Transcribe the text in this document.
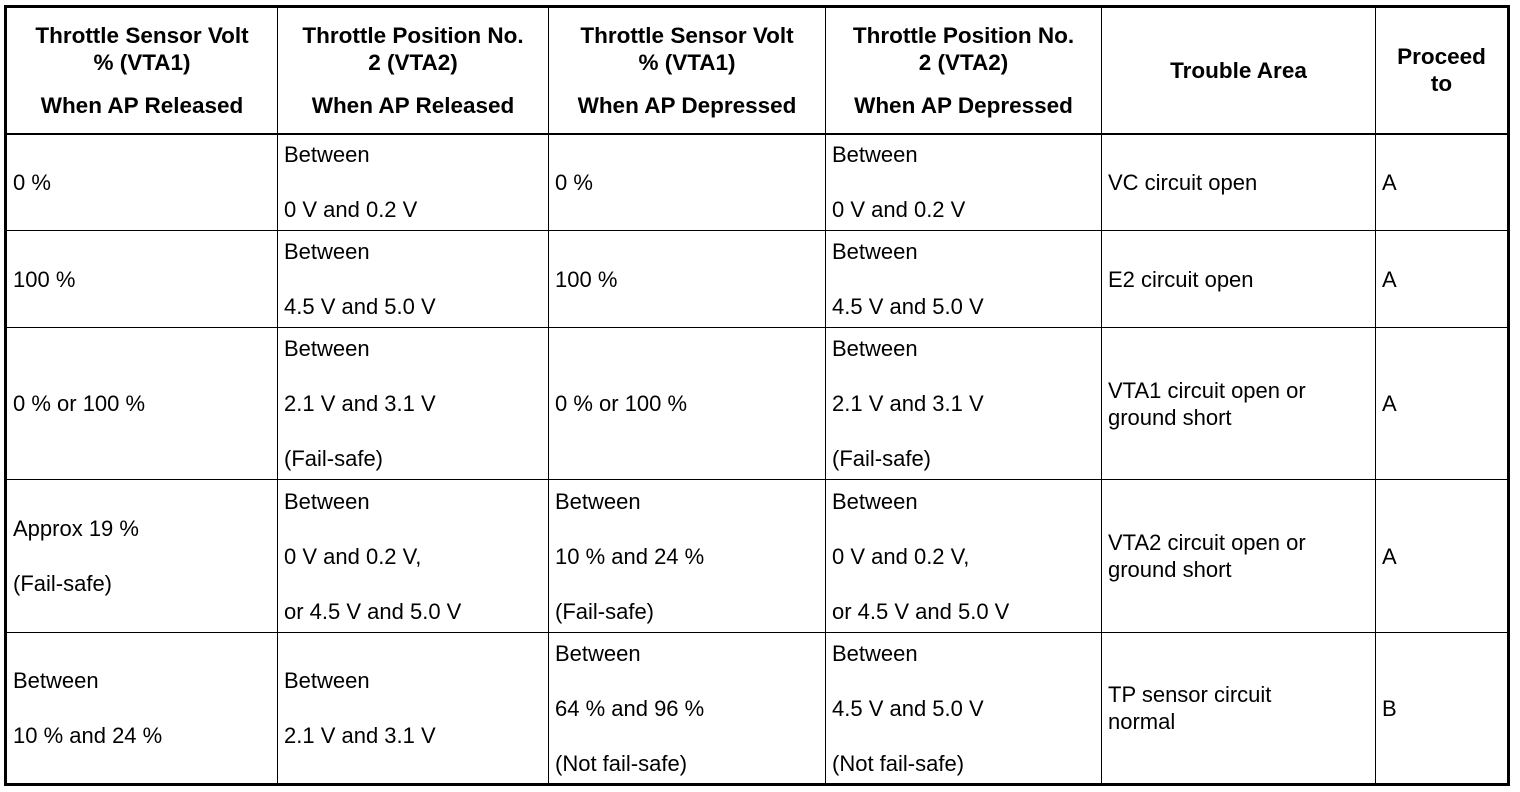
Throttle Sensor Volt
% (VTA1)
When AP Released	Throttle Position No.
2 (VTA2)
When AP Released	Throttle Sensor Volt
% (VTA1)
When AP Depressed	Throttle Position No.
2 (VTA2)
When AP Depressed	Trouble Area	Proceed
to

0 %	Between
0 V and 0.2 V	0 %	Between
0 V and 0.2 V	VC circuit open	A

100 %	Between
4.5 V and 5.0 V	100 %	Between
4.5 V and 5.0 V	E2 circuit open	A

0 % or 100 %	Between
2.1 V and 3.1 V
(Fail-safe)	0 % or 100 %	Between
2.1 V and 3.1 V
(Fail-safe)	VTA1 circuit open or
ground short	A

Approx 19 %
(Fail-safe)	Between
0 V and 0.2 V,
or 4.5 V and 5.0 V	Between
10 % and 24 %
(Fail-safe)	Between
0 V and 0.2 V,
or 4.5 V and 5.0 V	VTA2 circuit open or
ground short	A

Between
10 % and 24 %	Between
2.1 V and 3.1 V	Between
64 % and 96 %
(Not fail-safe)	Between
4.5 V and 5.0 V
(Not fail-safe)	TP sensor circuit
normal	B
